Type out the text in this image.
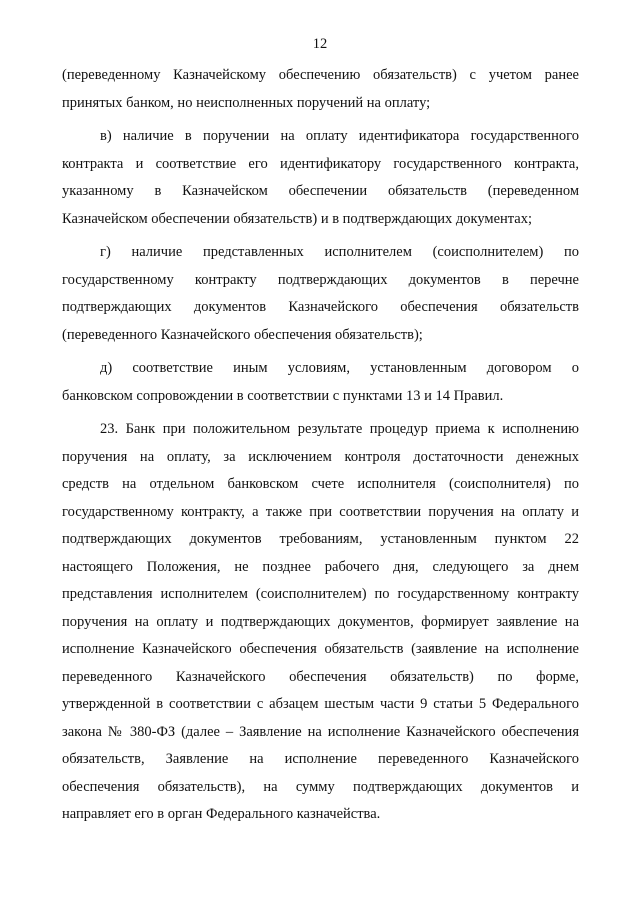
12
(переведенному Казначейскому обеспечению обязательств) с учетом ранее
принятых банком, но неисполненных поручений на оплату;
в) наличие в поручении на оплату идентификатора государственного
контракта и соответствие его идентификатору государственного контракта,
указанному в Казначейском обеспечении обязательств (переведенном
Казначейском обеспечении обязательств) и в подтверждающих документах;
г) наличие представленных исполнителем (соисполнителем) по
государственному контракту подтверждающих документов в перечне
подтверждающих документов Казначейского обеспечения обязательств
(переведенного Казначейского обеспечения обязательств);
д) соответствие иным условиям, установленным договором о
банковском сопровождении в соответствии с пунктами 13 и 14 Правил.
23. Банк при положительном результате процедур приема к исполнению
поручения на оплату, за исключением контроля достаточности денежных
средств на отдельном банковском счете исполнителя (соисполнителя) по
государственному контракту, а также при соответствии поручения на оплату и
подтверждающих документов требованиям, установленным пунктом 22
настоящего Положения, не позднее рабочего дня, следующего за днем
представления исполнителем (соисполнителем) по государственному контракту
поручения на оплату и подтверждающих документов, формирует заявление на
исполнение Казначейского обеспечения обязательств (заявление на исполнение
переведенного Казначейского обеспечения обязательств) по форме,
утвержденной в соответствии с абзацем шестым части 9 статьи 5 Федерального
закона № 380-ФЗ (далее – Заявление на исполнение Казначейского обеспечения
обязательств, Заявление на исполнение переведенного Казначейского
обеспечения обязательств), на сумму подтверждающих документов и
направляет его в орган Федерального казначейства.
